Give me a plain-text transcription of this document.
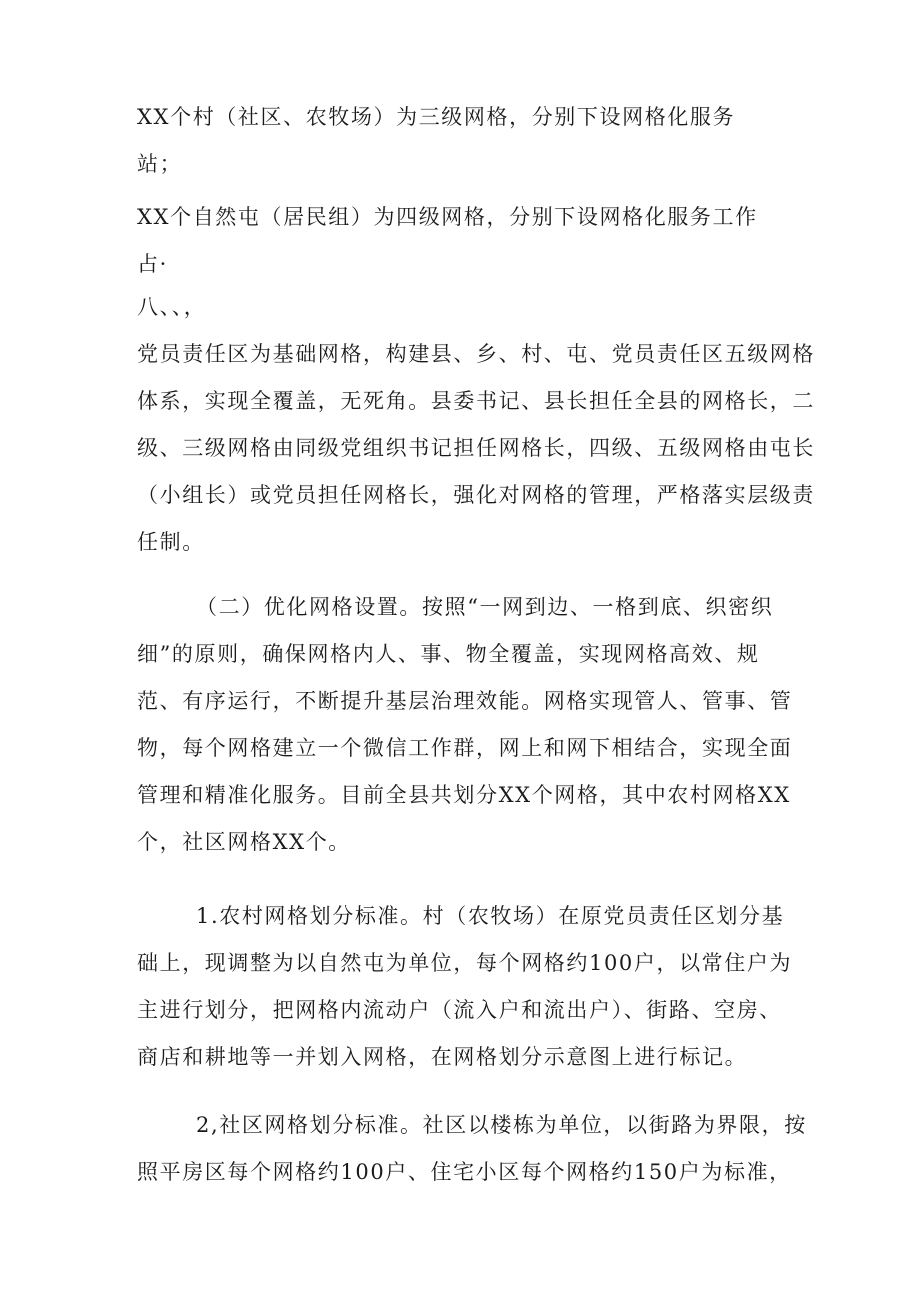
XX个村（社区、农牧场）为三级网格，分别下设网格化服务

站；

XX个自然屯（居民组）为四级网格，分别下设网格化服务工作

占·

八、、，

党员责任区为基础网格，构建县、乡、村、屯、党员责任区五级网格

体系，实现全覆盖，无死角。县委书记、县长担任全县的网格长，二

级、三级网格由同级党组织书记担任网格长，四级、五级网格由屯长

（小组长）或党员担任网格长，强化对网格的管理，严格落实层级责

任制。

（二）优化网格设置。按照“一网到边、一格到底、织密织

细”的原则，确保网格内人、事、物全覆盖，实现网格高效、规

范、有序运行，不断提升基层治理效能。网格实现管人、管事、管

物，每个网格建立一个微信工作群，网上和网下相结合，实现全面

管理和精准化服务。目前全县共划分XX个网格，其中农村网格XX

个，社区网格XX个。

1.农村网格划分标准。村（农牧场）在原党员责任区划分基

础上，现调整为以自然屯为单位，每个网格约100户，以常住户为

主进行划分，把网格内流动户（流入户和流出户）、街路、空房、

商店和耕地等一并划入网格，在网格划分示意图上进行标记。

2,社区网格划分标准。社区以楼栋为单位，以街路为界限，按

照平房区每个网格约100户、住宅小区每个网格约150户为标准，
